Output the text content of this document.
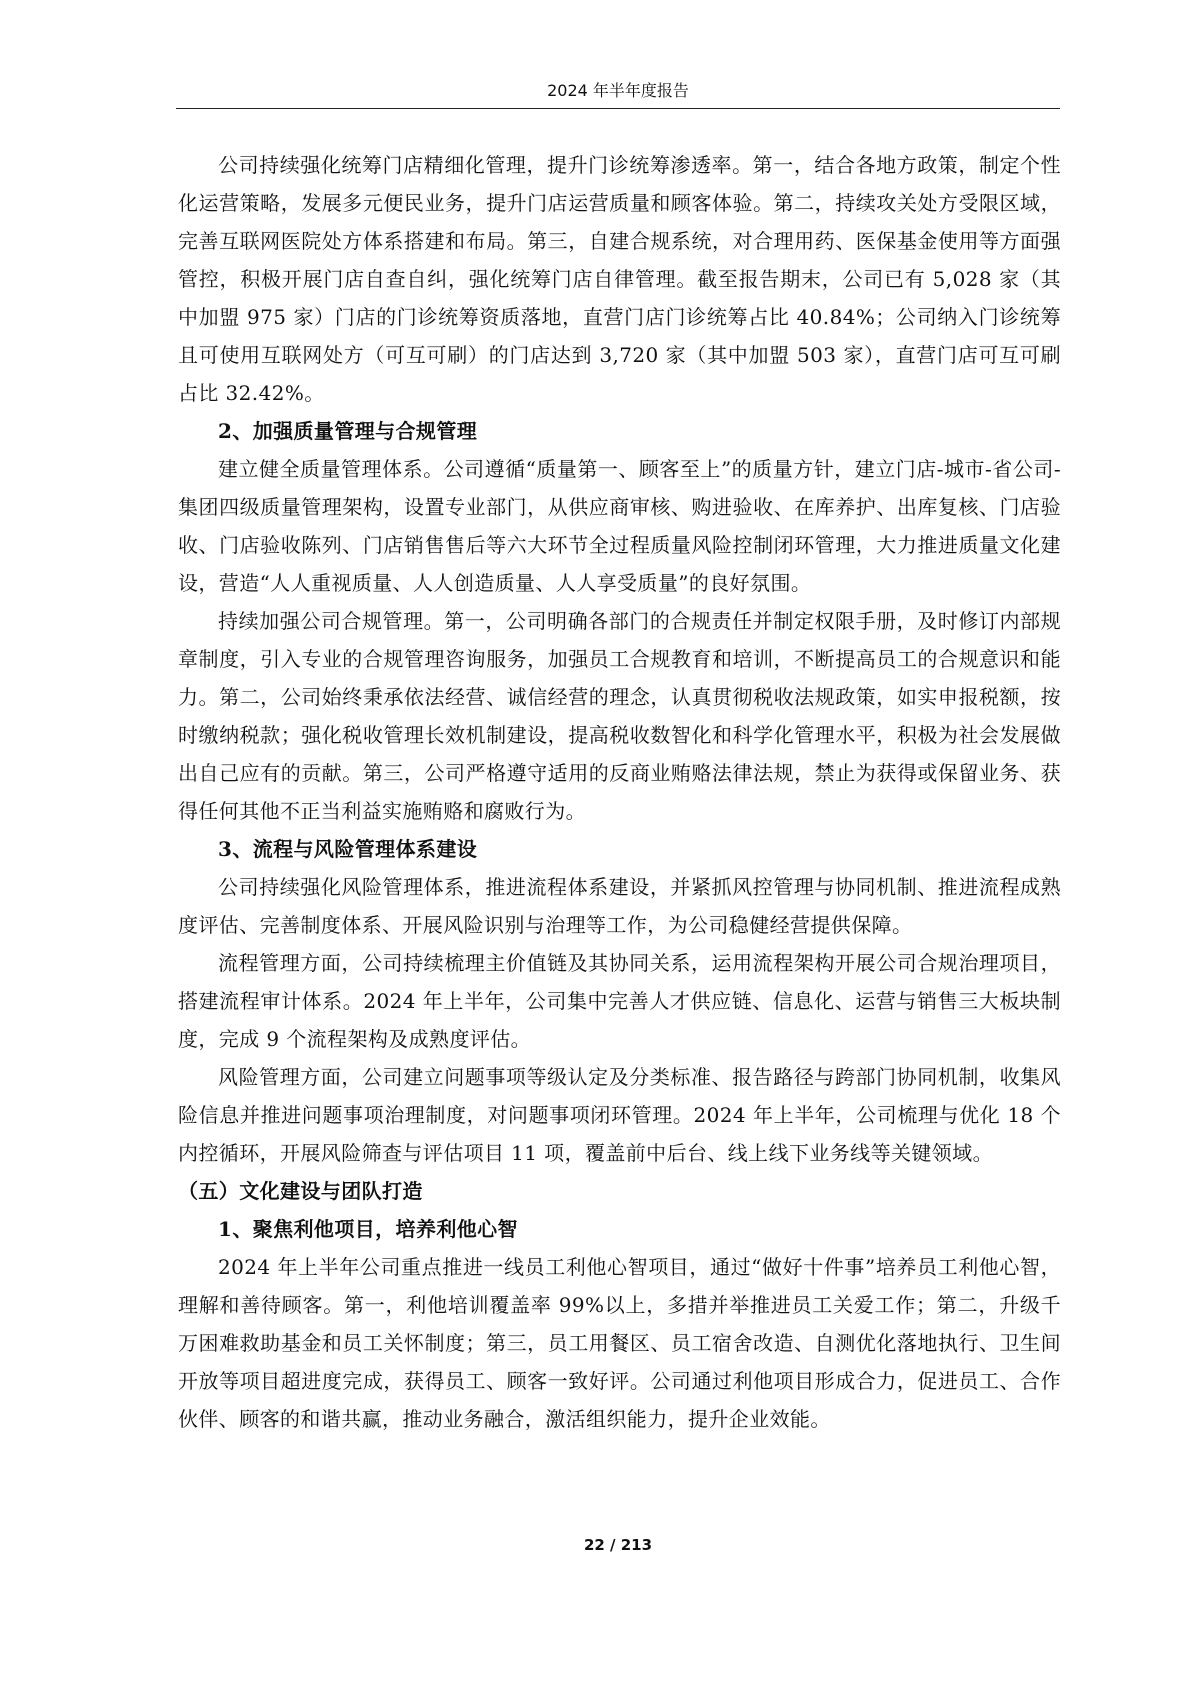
2024 年半年度报告

公司持续强化统筹门店精细化管理，提升门诊统筹渗透率。第一，结合各地方政策，制定个性化运营策略，发展多元便民业务，提升门店运营质量和顾客体验。第二，持续攻关处方受限区域，完善互联网医院处方体系搭建和布局。第三，自建合规系统，对合理用药、医保基金使用等方面强管控，积极开展门店自查自纠，强化统筹门店自律管理。截至报告期末，公司已有 5,028 家（其中加盟 975 家）门店的门诊统筹资质落地，直营门店门诊统筹占比 40.84%；公司纳入门诊统筹且可使用互联网处方（可互可刷）的门店达到 3,720 家（其中加盟 503 家），直营门店可互可刷占比 32.42%。

2、加强质量管理与合规管理

建立健全质量管理体系。公司遵循“质量第一、顾客至上”的质量方针，建立门店-城市-省公司-集团四级质量管理架构，设置专业部门，从供应商审核、购进验收、在库养护、出库复核、门店验收、门店验收陈列、门店销售售后等六大环节全过程质量风险控制闭环管理，大力推进质量文化建设，营造“人人重视质量、人人创造质量、人人享受质量”的良好氛围。

持续加强公司合规管理。第一，公司明确各部门的合规责任并制定权限手册，及时修订内部规章制度，引入专业的合规管理咨询服务，加强员工合规教育和培训，不断提高员工的合规意识和能力。第二，公司始终秉承依法经营、诚信经营的理念，认真贯彻税收法规政策，如实申报税额，按时缴纳税款；强化税收管理长效机制建设，提高税收数智化和科学化管理水平，积极为社会发展做出自己应有的贡献。第三，公司严格遵守适用的反商业贿赂法律法规，禁止为获得或保留业务、获得任何其他不正当利益实施贿赂和腐败行为。

3、流程与风险管理体系建设

公司持续强化风险管理体系，推进流程体系建设，并紧抓风控管理与协同机制、推进流程成熟度评估、完善制度体系、开展风险识别与治理等工作，为公司稳健经营提供保障。

流程管理方面，公司持续梳理主价值链及其协同关系，运用流程架构开展公司合规治理项目，搭建流程审计体系。2024 年上半年，公司集中完善人才供应链、信息化、运营与销售三大板块制度，完成 9 个流程架构及成熟度评估。

风险管理方面，公司建立问题事项等级认定及分类标准、报告路径与跨部门协同机制，收集风险信息并推进问题事项治理制度，对问题事项闭环管理。2024 年上半年，公司梳理与优化 18 个内控循环，开展风险筛查与评估项目 11 项，覆盖前中后台、线上线下业务线等关键领域。

（五）文化建设与团队打造
1、聚焦利他项目，培养利他心智

2024 年上半年公司重点推进一线员工利他心智项目，通过“做好十件事”培养员工利他心智，理解和善待顾客。第一，利他培训覆盖率 99%以上，多措并举推进员工关爱工作；第二，升级千万困难救助基金和员工关怀制度；第三，员工用餐区、员工宿舍改造、自测优化落地执行、卫生间开放等项目超进度完成，获得员工、顾客一致好评。公司通过利他项目形成合力，促进员工、合作伙伴、顾客的和谐共赢，推动业务融合，激活组织能力，提升企业效能。

22 / 213
